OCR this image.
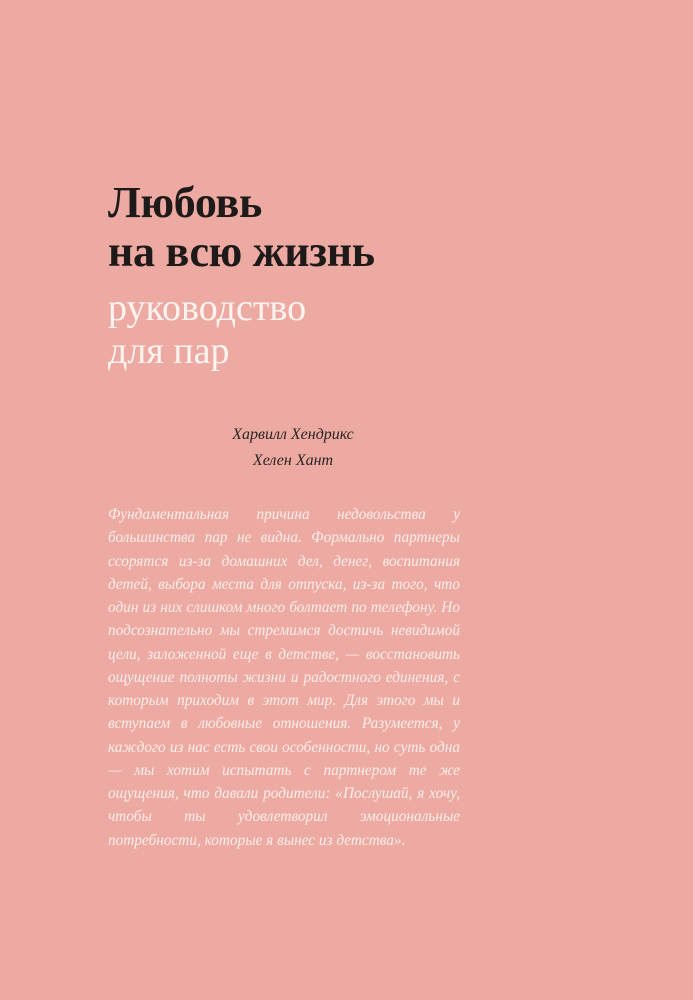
Любовь
на всю жизнь
руководство
для пар
Харвилл Хендрикс
Хелен Хант

Фундаментальная причина недовольства у большинства пар не видна. Формально партнеры ссорятся из-за домашних дел, денег, воспитания детей, выбора места для отпуска, из-за того, что один из них слишком много болтает по телефону. Но подсознательно мы стремимся достичь невидимой цели, заложенной еще в детстве, — восстановить ощущение полноты жизни и радостного единения, с которым приходим в этот мир. Для этого мы и вступаем в любовные отношения. Разумеется, у каждого из нас есть свои особенности, но суть одна — мы хотим испытать с партнером те же ощущения, что давали родители: «Послушай, я хочу, чтобы ты удовлетворил эмоциональные потребности, которые я вынес из детства».
